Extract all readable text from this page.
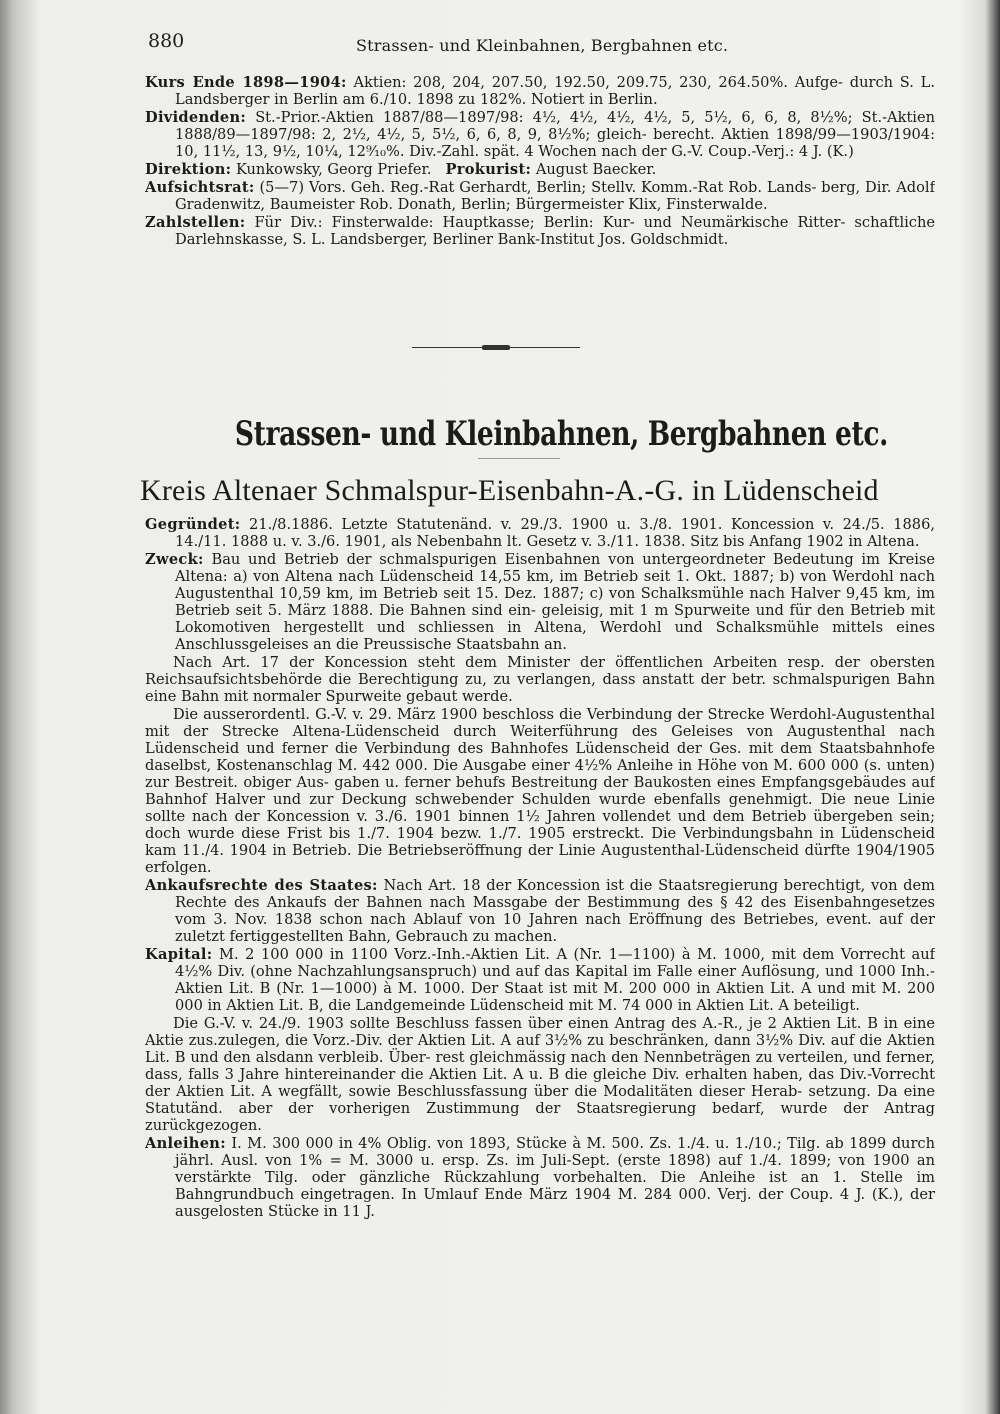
880	Strassen- und Kleinbahnen, Bergbahnen etc.

Kurs Ende 1898—1904: Aktien: 208, 204, 207.50, 192.50, 209.75, 230, 264.50%. Aufge- durch S. L. Landsberger in Berlin am 6./10. 1898 zu 182%. Notiert in Berlin.

Dividenden: St.-Prior.-Aktien 1887/88—1897/98: 4½, 4½, 4½, 4½, 5, 5½, 6, 6, 8, 8½%; St.-Aktien 1888/89—1897/98: 2, 2½, 4½, 5, 5½, 6, 6, 8, 9, 8½%; gleich- berecht. Aktien 1898/99—1903/1904: 10, 11½, 13, 9½, 10¼, 12⁹⁄₁₀%. Div.-Zahl. spät. 4 Wochen nach der G.-V. Coup.-Verj.: 4 J. (K.)

Direktion: Kunkowsky, Georg Priefer. Prokurist: August Baecker.

Aufsichtsrat: (5—7) Vors. Geh. Reg.-Rat Gerhardt, Berlin; Stellv. Komm.-Rat Rob. Lands- berg, Dir. Adolf Gradenwitz, Baumeister Rob. Donath, Berlin; Bürgermeister Klix, Finsterwalde.

Zahlstellen: Für Div.: Finsterwalde: Hauptkasse; Berlin: Kur- und Neumärkische Ritter- schaftliche Darlehnskasse, S. L. Landsberger, Berliner Bank-Institut Jos. Goldschmidt.

Strassen- und Kleinbahnen, Bergbahnen etc.
Kreis Altenaer Schmalspur-Eisenbahn-A.-G. in Lüdenscheid

Gegründet: 21./8.1886. Letzte Statutenänd. v. 29./3. 1900 u. 3./8. 1901. Koncession v. 24./5. 1886, 14./11. 1888 u. v. 3./6. 1901, als Nebenbahn lt. Gesetz v. 3./11. 1838. Sitz bis Anfang 1902 in Altena.

Zweck: Bau und Betrieb der schmalspurigen Eisenbahnen von untergeordneter Bedeutung im Kreise Altena: a) von Altena nach Lüdenscheid 14,55 km, im Betrieb seit 1. Okt. 1887; b) von Werdohl nach Augustenthal 10,59 km, im Betrieb seit 15. Dez. 1887; c) von Schalksmühle nach Halver 9,45 km, im Betrieb seit 5. März 1888. Die Bahnen sind ein- geleisig, mit 1 m Spurweite und für den Betrieb mit Lokomotiven hergestellt und schliessen in Altena, Werdohl und Schalksmühle mittels eines Anschlussgeleises an die Preussische Staatsbahn an.

Nach Art. 17 der Koncession steht dem Minister der öffentlichen Arbeiten resp. der obersten Reichsaufsichtsbehörde die Berechtigung zu, zu verlangen, dass anstatt der betr. schmalspurigen Bahn eine Bahn mit normaler Spurweite gebaut werde.

Die ausserordentl. G.-V. v. 29. März 1900 beschloss die Verbindung der Strecke Werdohl-Augustenthal mit der Strecke Altena-Lüdenscheid durch Weiterführung des Geleises von Augustenthal nach Lüdenscheid und ferner die Verbindung des Bahnhofes Lüdenscheid der Ges. mit dem Staatsbahnhofe daselbst, Kostenanschlag M. 442 000. Die Ausgabe einer 4½% Anleihe in Höhe von M. 600 000 (s. unten) zur Bestreit. obiger Aus- gaben u. ferner behufs Bestreitung der Baukosten eines Empfangsgebäudes auf Bahnhof Halver und zur Deckung schwebender Schulden wurde ebenfalls genehmigt. Die neue Linie sollte nach der Koncession v. 3./6. 1901 binnen 1½ Jahren vollendet und dem Betrieb übergeben sein; doch wurde diese Frist bis 1./7. 1904 bezw. 1./7. 1905 erstreckt. Die Verbindungsbahn in Lüdenscheid kam 11./4. 1904 in Betrieb. Die Betriebseröffnung der Linie Augustenthal-Lüdenscheid dürfte 1904/1905 erfolgen.

Ankaufsrechte des Staates: Nach Art. 18 der Koncession ist die Staatsregierung berechtigt, von dem Rechte des Ankaufs der Bahnen nach Massgabe der Bestimmung des § 42 des Eisenbahngesetzes vom 3. Nov. 1838 schon nach Ablauf von 10 Jahren nach Eröffnung des Betriebes, event. auf der zuletzt fertiggestellten Bahn, Gebrauch zu machen.

Kapital: M. 2 100 000 in 1100 Vorz.-Inh.-Aktien Lit. A (Nr. 1—1100) à M. 1000, mit dem Vorrecht auf 4½% Div. (ohne Nachzahlungsanspruch) und auf das Kapital im Falle einer Auflösung, und 1000 Inh.-Aktien Lit. B (Nr. 1—1000) à M. 1000. Der Staat ist mit M. 200 000 in Aktien Lit. A und mit M. 200 000 in Aktien Lit. B, die Landgemeinde Lüdenscheid mit M. 74 000 in Aktien Lit. A beteiligt.

Die G.-V. v. 24./9. 1903 sollte Beschluss fassen über einen Antrag des A.-R., je 2 Aktien Lit. B in eine Aktie zus.zulegen, die Vorz.-Div. der Aktien Lit. A auf 3½% zu beschränken, dann 3½% Div. auf die Aktien Lit. B und den alsdann verbleib. Über- rest gleichmässig nach den Nennbeträgen zu verteilen, und ferner, dass, falls 3 Jahre hintereinander die Aktien Lit. A u. B die gleiche Div. erhalten haben, das Div.-Vorrecht der Aktien Lit. A wegfällt, sowie Beschlussfassung über die Modalitäten dieser Herab- setzung. Da eine Statutänd. aber der vorherigen Zustimmung der Staatsregierung bedarf, wurde der Antrag zurückgezogen.

Anleihen: I. M. 300 000 in 4% Oblig. von 1893, Stücke à M. 500. Zs. 1./4. u. 1./10.; Tilg. ab 1899 durch jährl. Ausl. von 1% = M. 3000 u. ersp. Zs. im Juli-Sept. (erste 1898) auf 1./4. 1899; von 1900 an verstärkte Tilg. oder gänzliche Rückzahlung vorbehalten. Die Anleihe ist an 1. Stelle im Bahngrundbuch eingetragen. In Umlauf Ende März 1904 M. 284 000. Verj. der Coup. 4 J. (K.), der ausgelosten Stücke in 11 J.
